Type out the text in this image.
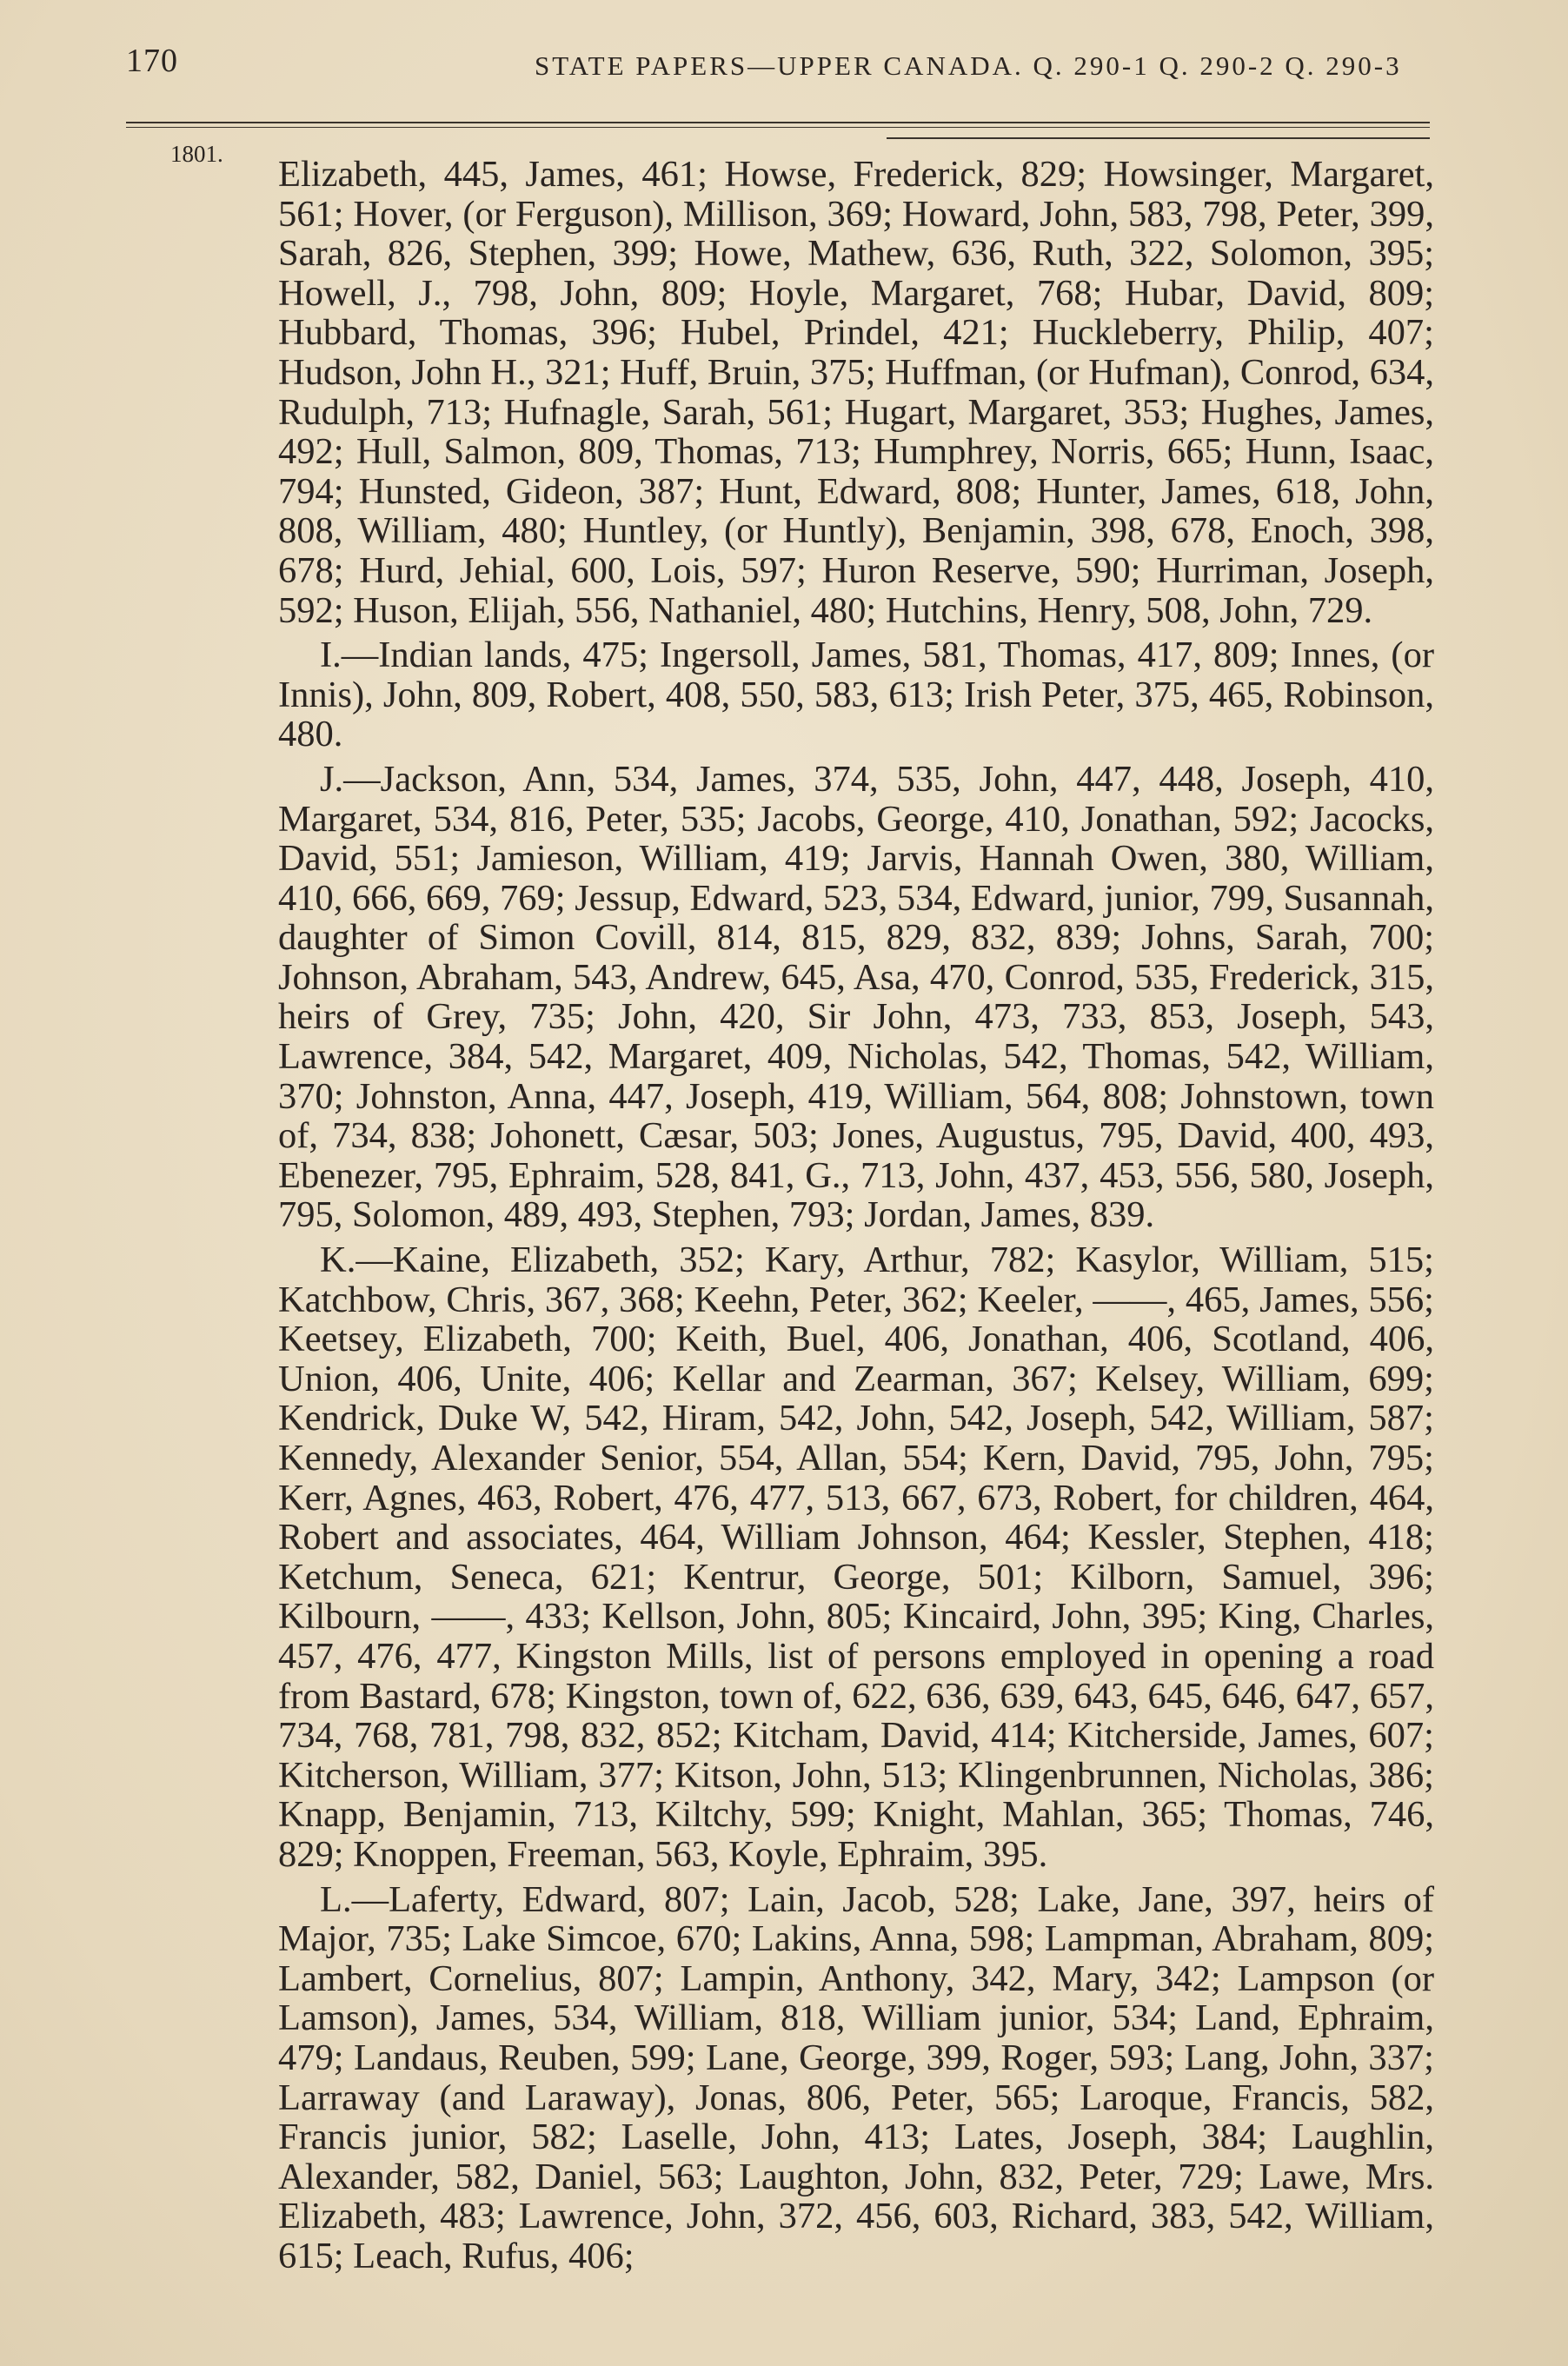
170	STATE PAPERS—UPPER CANADA. Q. 290-1 Q. 290-2 Q. 290-3
1801. Elizabeth, 445, James, 461; Howse, Frederick, 829; Howsinger, Margaret, 561; Hover, (or Ferguson), Millison, 369; Howard, John, 583, 798, Peter, 399, Sarah, 826, Stephen, 399; Howe, Mathew, 636, Ruth, 322, Solomon, 395; Howell, J., 798, John, 809; Hoyle, Margaret, 768; Hubar, David, 809; Hubbard, Thomas, 396; Hubel, Prindel, 421; Huckleberry, Philip, 407; Hudson, John H., 321; Huff, Bruin, 375; Huffman, (or Hufman), Conrod, 634, Rudulph, 713; Hufnagle, Sarah, 561; Hugart, Margaret, 353; Hughes, James, 492; Hull, Salmon, 809, Thomas, 713; Humphrey, Norris, 665; Hunn, Isaac, 794; Hunsted, Gideon, 387; Hunt, Edward, 808; Hunter, James, 618, John, 808, William, 480; Huntley, (or Huntly), Benjamin, 398, 678, Enoch, 398, 678; Hurd, Jehial, 600, Lois, 597; Huron Reserve, 590; Hurriman, Joseph, 592; Huson, Elijah, 556, Nathaniel, 480; Hutchins, Henry, 508, John, 729.

I.—Indian lands, 475; Ingersoll, James, 581, Thomas, 417, 809; Innes, (or Innis), John, 809, Robert, 408, 550, 583, 613; Irish Peter, 375, 465, Robinson, 480.

J.—Jackson, Ann, 534, James, 374, 535, John, 447, 448, Joseph, 410, Margaret, 534, 816, Peter, 535; Jacobs, George, 410, Jonathan, 592; Jacocks, David, 551; Jamieson, William, 419; Jarvis, Hannah Owen, 380, William, 410, 666, 669, 769; Jessup, Edward, 523, 534, Edward, junior, 799, Susannah, daughter of Simon Covill, 814, 815, 829, 832, 839; Johns, Sarah, 700; Johnson, Abraham, 543, Andrew, 645, Asa, 470, Conrod, 535, Frederick, 315, heirs of Grey, 735; John, 420, Sir John, 473, 733, 853, Joseph, 543, Lawrence, 384, 542, Margaret, 409, Nicholas, 542, Thomas, 542, William, 370; Johnston, Anna, 447, Joseph, 419, William, 564, 808; Johnstown, town of, 734, 838; Johonett, Cæsar, 503; Jones, Augustus, 795, David, 400, 493, Ebenezer, 795, Ephraim, 528, 841, G., 713, John, 437, 453, 556, 580, Joseph, 795, Solomon, 489, 493, Stephen, 793; Jordan, James, 839.

K.—Kaine, Elizabeth, 352; Kary, Arthur, 782; Kasylor, William, 515; Katchbow, Chris, 367, 368; Keehn, Peter, 362; Keeler, ——, 465, James, 556; Keetsey, Elizabeth, 700; Keith, Buel, 406, Jonathan, 406, Scotland, 406, Union, 406, Unite, 406; Kellar and Zearman, 367; Kelsey, William, 699; Kendrick, Duke W, 542, Hiram, 542, John, 542, Joseph, 542, William, 587; Kennedy, Alexander Senior, 554, Allan, 554; Kern, David, 795, John, 795; Kerr, Agnes, 463, Robert, 476, 477, 513, 667, 673, Robert, for children, 464, Robert and associates, 464, William Johnson, 464; Kessler, Stephen, 418; Ketchum, Seneca, 621; Kentrur, George, 501; Kilborn, Samuel, 396; Kilbourn, ——, 433; Kellson, John, 805; Kincaird, John, 395; King, Charles, 457, 476, 477, Kingston Mills, list of persons employed in opening a road from Bastard, 678; Kingston, town of, 622, 636, 639, 643, 645, 646, 647, 657, 734, 768, 781, 798, 832, 852; Kitcham, David, 414; Kitcherside, James, 607; Kitcherson, William, 377; Kitson, John, 513; Klingenbrunnen, Nicholas, 386; Knapp, Benjamin, 713, Kiltchy, 599; Knight, Mahlan, 365; Thomas, 746, 829; Knoppen, Freeman, 563, Koyle, Ephraim, 395.

L.—Laferty, Edward, 807; Lain, Jacob, 528; Lake, Jane, 397, heirs of Major, 735; Lake Simcoe, 670; Lakins, Anna, 598; Lampman, Abraham, 809; Lambert, Cornelius, 807; Lampin, Anthony, 342, Mary, 342; Lampson (or Lamson), James, 534, William, 818, William junior, 534; Land, Ephraim, 479; Landaus, Reuben, 599; Lane, George, 399, Roger, 593; Lang, John, 337; Larraway (and Laraway), Jonas, 806, Peter, 565; Laroque, Francis, 582, Francis junior, 582; Laselle, John, 413; Lates, Joseph, 384; Laughlin, Alexander, 582, Daniel, 563; Laughton, John, 832, Peter, 729; Lawe, Mrs. Elizabeth, 483; Lawrence, John, 372, 456, 603, Richard, 383, 542, William, 615; Leach, Rufus, 406;
